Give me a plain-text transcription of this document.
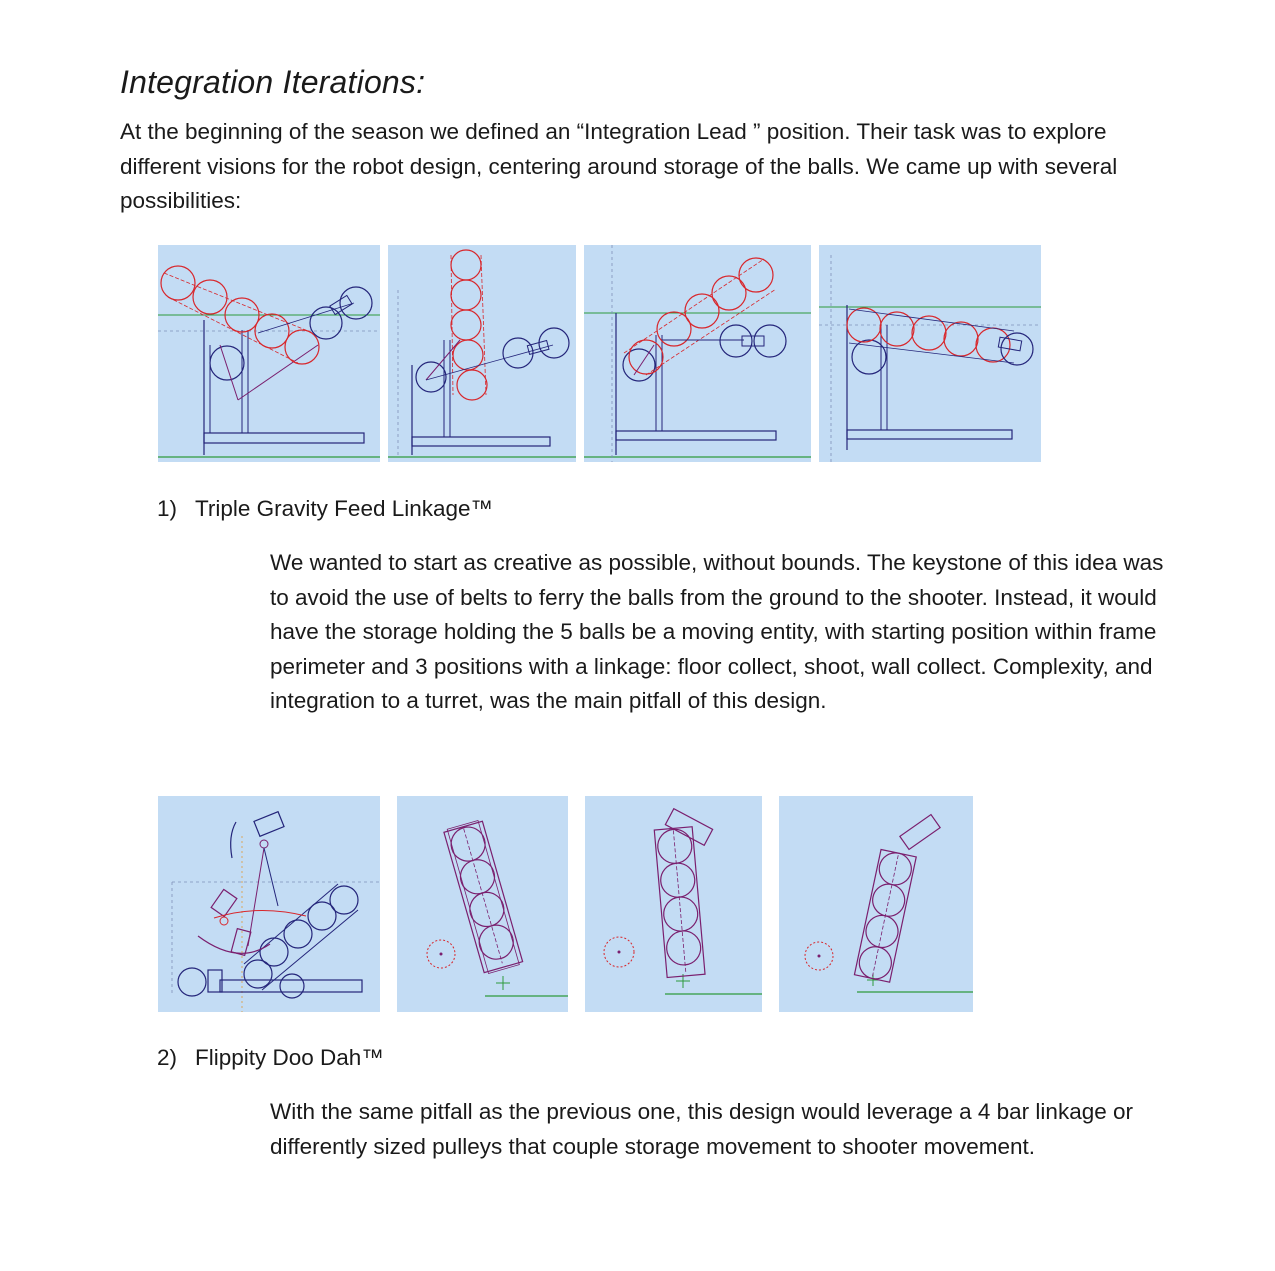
Integration Iterations:

At the beginning of the season we defined an “Integration Lead ” position. Their task was to explore different visions for the robot design, centering around storage of the balls. We came up with several possibilities:

1) Triple Gravity Feed Linkage™

We wanted to start as creative as possible, without bounds. The keystone of this idea was to avoid the use of belts to ferry the balls from the ground to the shooter. Instead, it would have the storage holding the 5 balls be a moving entity, with starting position within frame perimeter and 3 positions with a linkage: floor collect, shoot, wall collect. Complexity, and integration to a turret, was the main pitfall of this design.

2) Flippity Doo Dah™

With the same pitfall as the previous one, this design would leverage a 4 bar linkage or differently sized pulleys that couple storage movement to shooter movement.
